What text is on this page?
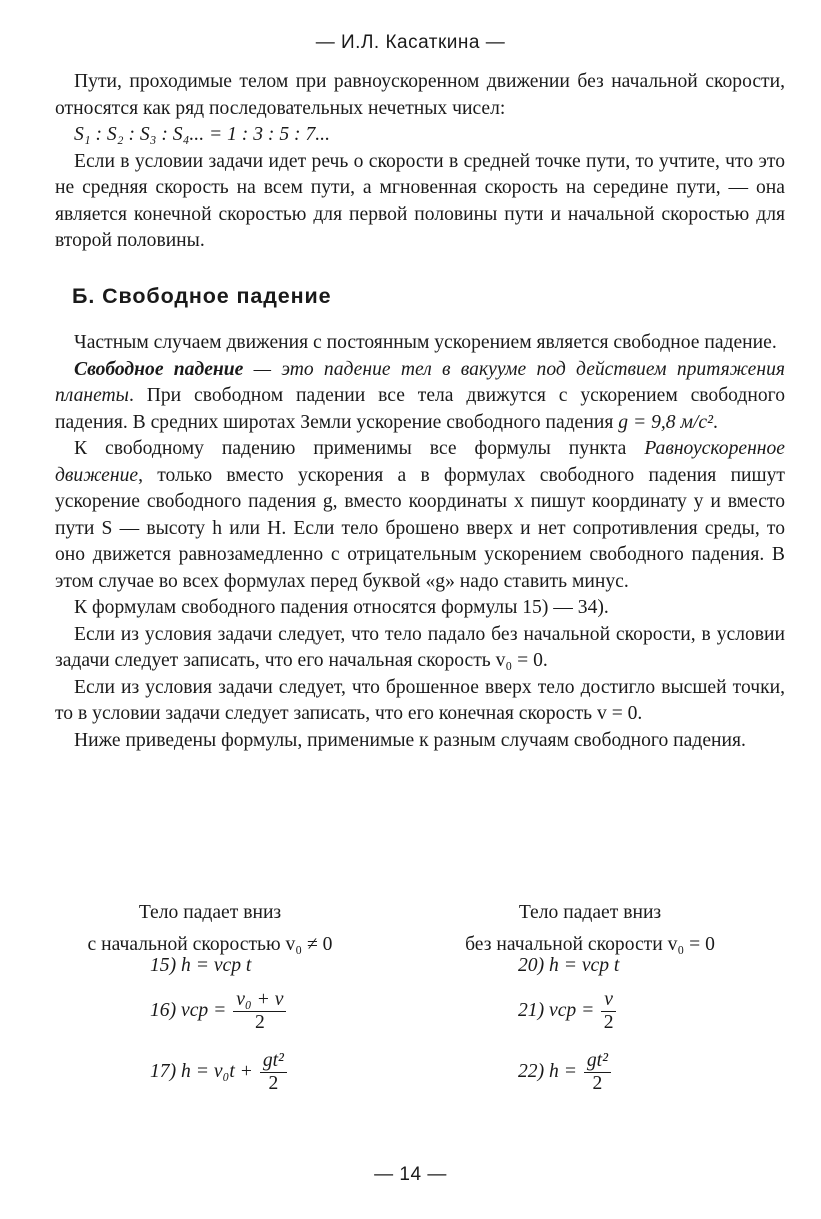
— И.Л. Касаткина —

Пути, проходимые телом при равноускоренном движении без начальной скорости, относятся как ряд последовательных нечетных чисел:

S₁ : S₂ : S₃ : S₄... = 1 : 3 : 5 : 7...

Если в условии задачи идет речь о скорости в средней точке пути, то учтите, что это не средняя скорость на всем пути, а мгновенная скорость на середине пути, — она является конечной скоростью для первой половины пути и начальной скоростью для второй половины.

Б. Свободное падение

Частным случаем движения с постоянным ускорением является свободное падение.

Свободное падение — это падение тел в вакууме под действием притяжения планеты. При свободном падении все тела движутся с ускорением свободного падения. В средних широтах Земли ускорение свободного падения g = 9,8 м/с².

К свободному падению применимы все формулы пункта Равноускоренное движение, только вместо ускорения a в формулах свободного падения пишут ускорение свободного падения g, вместо координаты x пишут координату y и вместо пути S — высоту h или H. Если тело брошено вверх и нет сопротивления среды, то оно движется равнозамедленно с отрицательным ускорением свободного падения. В этом случае во всех формулах перед буквой «g» надо ставить минус.

К формулам свободного падения относятся формулы 15) — 34).

Если из условия задачи следует, что тело падало без начальной скорости, в условии задачи следует записать, что его начальная скорость v₀ = 0.

Если из условия задачи следует, что брошенное вверх тело достигло высшей точки, то в условии задачи следует записать, что его конечная скорость v = 0.

Ниже приведены формулы, применимые к разным случаям свободного падения.

Тело падает вниз
с начальной скоростью v₀ ≠ 0
Тело падает вниз
без начальной скорости v₀ = 0
15) h = vср t
16) vср = $\frac{\text{v₀ + v}}{2}$
17) $h = v_0t + \frac{\text{gt²}}{2}$
20) h = vср t
21) vср = $\frac{v}{2}$
22) $h = \frac{\text{gt²}}{2}$
— 14 —
